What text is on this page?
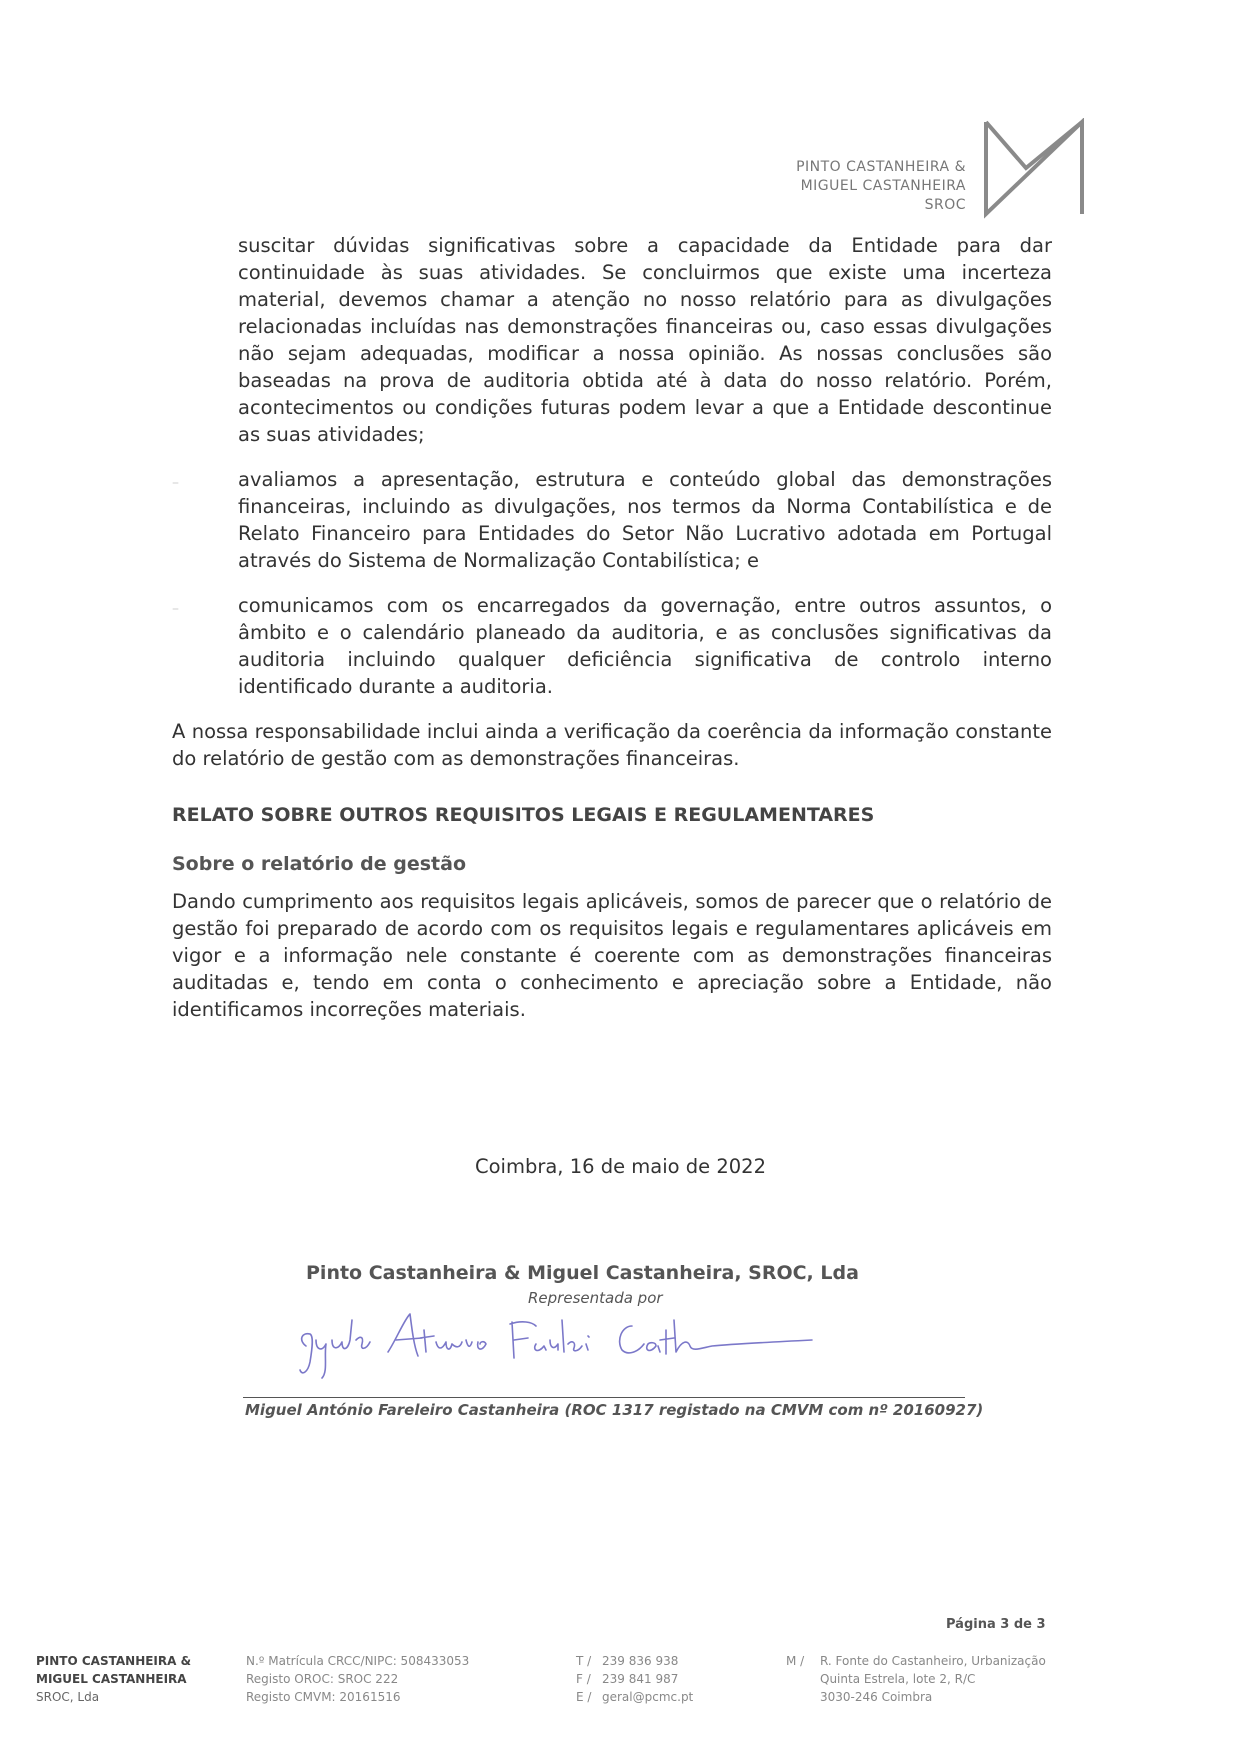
PINTO CASTANHEIRA &
MIGUEL CASTANHEIRA
SROC

suscitar dúvidas significativas sobre a capacidade da Entidade para dar continuidade às suas atividades. Se concluirmos que existe uma incerteza material, devemos chamar a atenção no nosso relatório para as divulgações relacionadas incluídas nas demonstrações financeiras ou, caso essas divulgações não sejam adequadas, modificar a nossa opinião. As nossas conclusões são baseadas na prova de auditoria obtida até à data do nosso relatório. Porém, acontecimentos ou condições futuras podem levar a que a Entidade descontinue as suas atividades;

–	avaliamos a apresentação, estrutura e conteúdo global das demonstrações financeiras, incluindo as divulgações, nos termos da Norma Contabilística e de Relato Financeiro para Entidades do Setor Não Lucrativo adotada em Portugal através do Sistema de Normalização Contabilística; e

–	comunicamos com os encarregados da governação, entre outros assuntos, o âmbito e o calendário planeado da auditoria, e as conclusões significativas da auditoria incluindo qualquer deficiência significativa de controlo interno identificado durante a auditoria.

A nossa responsabilidade inclui ainda a verificação da coerência da informação constante do relatório de gestão com as demonstrações financeiras.

RELATO SOBRE OUTROS REQUISITOS LEGAIS E REGULAMENTARES

Sobre o relatório de gestão

Dando cumprimento aos requisitos legais aplicáveis, somos de parecer que o relatório de gestão foi preparado de acordo com os requisitos legais e regulamentares aplicáveis em vigor e a informação nele constante é coerente com as demonstrações financeiras auditadas e, tendo em conta o conhecimento e apreciação sobre a Entidade, não identificamos incorreções materiais.

Coimbra, 16 de maio de 2022
Pinto Castanheira & Miguel Castanheira, SROC, Lda
Representada por
Miguel António Fareleiro Castanheira (ROC 1317 registado na CMVM com nº 20160927)
Página 3 de 3
PINTO CASTANHEIRA &
MIGUEL CASTANHEIRA
SROC, Lda
N.º Matrícula CRCC/NIPC: 508433053
Registo OROC: SROC 222
Registo CMVM: 20161516
T / 239 836 938
F / 239 841 987
E / geral@pcmc.pt
M / R. Fonte do Castanheiro, Urbanização
Quinta Estrela, lote 2, R/C
3030-246 Coimbra
